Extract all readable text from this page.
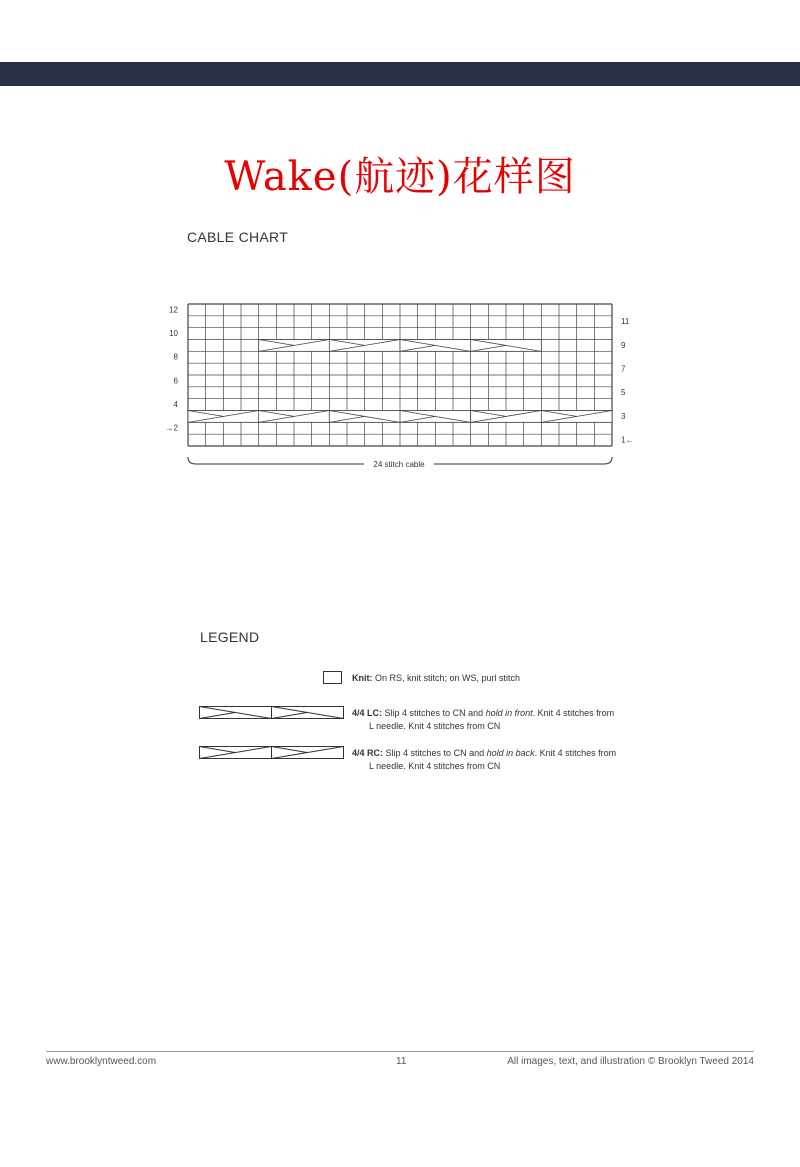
Wake(航迹)花样图
CABLE CHART
12
10
8
6
4
→2
11
9
7
5
3
1←
24 stitch cable
LEGEND
Knit: On RS, knit stitch; on WS, purl stitch
4/4 LC: Slip 4 stitches to CN and hold in front. Knit 4 stitches from
L needle. Knit 4 stitches from CN
4/4 RC: Slip 4 stitches to CN and hold in back. Knit 4 stitches from
L needle. Knit 4 stitches from CN
www.brooklyntweed.com	11	All images, text, and illustration © Brooklyn Tweed 2014
